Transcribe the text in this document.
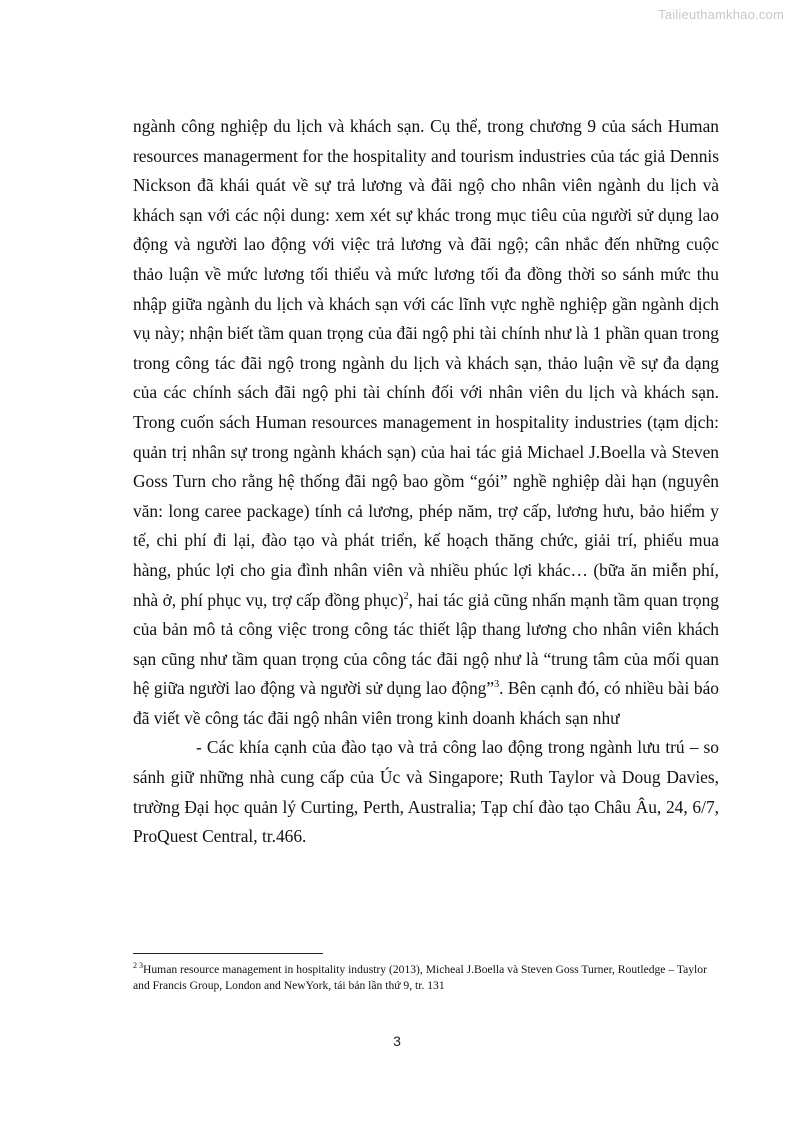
Tailieuthamkhao.com

ngành công nghiệp du lịch và khách sạn. Cụ thể, trong chương 9 của sách Human resources managerment for the hospitality and tourism industries của tác giả Dennis Nickson đã khái quát về sự trả lương và đãi ngộ cho nhân viên ngành du lịch và khách sạn với các nội dung: xem xét sự khác trong mục tiêu của người sử dụng lao động và người lao động với việc trả lương và đãi ngộ; cân nhắc đến những cuộc thảo luận về mức lương tối thiểu và mức lương tối đa đồng thời so sánh mức thu nhập giữa ngành du lịch và khách sạn với các lĩnh vực nghề nghiệp gần ngành dịch vụ này; nhận biết tầm quan trọng của đãi ngộ phi tài chính như là 1 phần quan trong trong công tác đãi ngộ trong ngành du lịch và khách sạn, thảo luận về sự đa dạng của các chính sách đãi ngộ phi tài chính đối với nhân viên du lịch và khách sạn. Trong cuốn sách Human resources management in hospitality industries (tạm dịch: quản trị nhân sự trong ngành khách sạn) của hai tác giả Michael J.Boella và Steven Goss Turn cho rằng hệ thống đãi ngộ bao gồm “gói” nghề nghiệp dài hạn (nguyên văn: long caree package) tính cả lương, phép năm, trợ cấp, lương hưu, bảo hiểm y tế, chi phí đi lại, đào tạo và phát triển, kế hoạch thăng chức, giải trí, phiếu mua hàng, phúc lợi cho gia đình nhân viên và nhiều phúc lợi khác… (bữa ăn miễn phí, nhà ở, phí phục vụ, trợ cấp đồng phục)$^2$, hai tác giả cũng nhấn mạnh tầm quan trọng của bản mô tả công việc trong công tác thiết lập thang lương cho nhân viên khách sạn cũng như tầm quan trọng của công tác đãi ngộ như là “trung tâm của mối quan hệ giữa người lao động và người sử dụng lao động”$^3$. Bên cạnh đó, có nhiều bài báo đã viết về công tác đãi ngộ nhân viên trong kinh doanh khách sạn như

- Các khía cạnh của đào tạo và trả công lao động trong ngành lưu trú – so sánh giữ những nhà cung cấp của Úc và Singapore; Ruth Taylor và Doug Davies, trường Đại học quản lý Curting, Perth, Australia; Tạp chí đào tạo Châu Âu, 24, 6/7, ProQuest Central, tr.466.

$^{2 3}$Human resource management in hospitality industry (2013), Micheal J.Boella và Steven Goss Turner, Routledge – Taylor and Francis Group, London and NewYork, tái bản lần thứ 9, tr. 131
3
